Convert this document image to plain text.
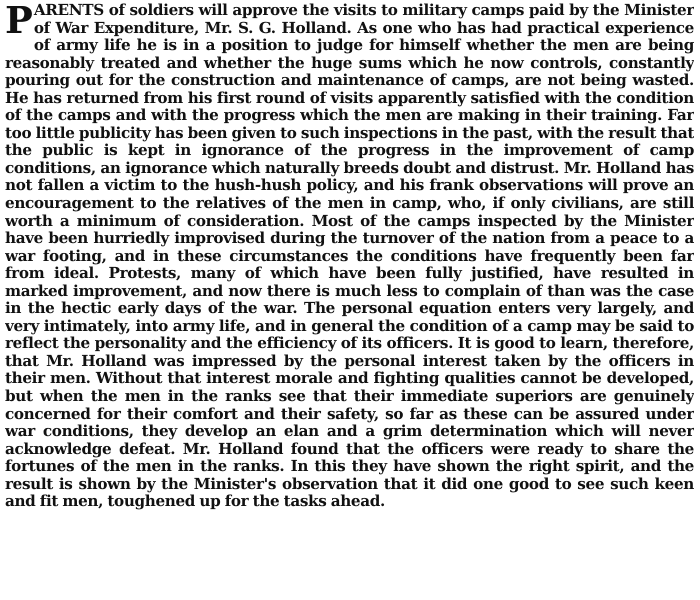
PARENTS of soldiers will approve the visits to military camps paid by the Minister of War Expenditure, Mr. S. G. Holland. As one who has had practical experience of army life he is in a position to judge for himself whether the men are being reasonably treated and whether the huge sums which he now controls, constantly pouring out for the construction and maintenance of camps, are not being wasted. He has returned from his first round of visits apparently satisfied with the condition of the camps and with the progress which the men are making in their training. Far too little publicity has been given to such inspections in the past, with the result that the public is kept in ignorance of the progress in the improvement of camp conditions, an ignorance which naturally breeds doubt and distrust. Mr. Holland has not fallen a victim to the hush-hush policy, and his frank observations will prove an encouragement to the relatives of the men in camp, who, if only civilians, are still worth a minimum of consideration. Most of the camps inspected by the Minister have been hurriedly improvised during the turnover of the nation from a peace to a war footing, and in these circumstances the conditions have frequently been far from ideal. Protests, many of which have been fully justified, have resulted in marked improvement, and now there is much less to complain of than was the case in the hectic early days of the war. The personal equation enters very largely, and very intimately, into army life, and in general the condition of a camp may be said to reflect the personality and the efficiency of its officers. It is good to learn, therefore, that Mr. Holland was impressed by the personal interest taken by the officers in their men. Without that interest morale and fighting qualities cannot be developed, but when the men in the ranks see that their immediate superiors are genuinely concerned for their comfort and their safety, so far as these can be assured under war conditions, they develop an elan and a grim determination which will never acknowledge defeat. Mr. Holland found that the officers were ready to share the fortunes of the men in the ranks. In this they have shown the right spirit, and the result is shown by the Minister's observation that it did one good to see such keen and fit men, toughened up for the tasks ahead.
